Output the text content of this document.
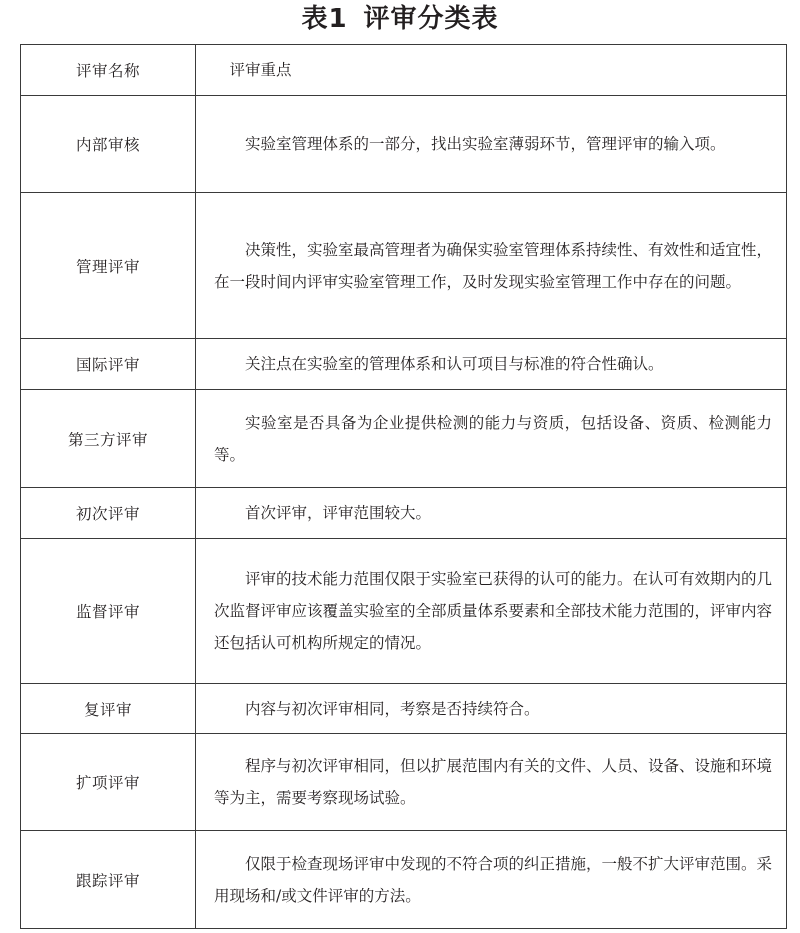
表1 评审分类表
评审名称	评审重点

内部审核	实验室管理体系的一部分，找出实验室薄弱环节，管理评审的输入项。

管理评审	决策性，实验室最高管理者为确保实验室管理体系持续性、有效性和适宜性，在一段时间内评审实验室管理工作，及时发现实验室管理工作中存在的问题。

国际评审	关注点在实验室的管理体系和认可项目与标准的符合性确认。

第三方评审	实验室是否具备为企业提供检测的能力与资质，包括设备、资质、检测能力等。

初次评审	首次评审，评审范围较大。

监督评审	评审的技术能力范围仅限于实验室已获得的认可的能力。在认可有效期内的几次监督评审应该覆盖实验室的全部质量体系要素和全部技术能力范围的，评审内容还包括认可机构所规定的情况。

复评审	内容与初次评审相同，考察是否持续符合。

扩项评审	程序与初次评审相同，但以扩展范围内有关的文件、人员、设备、设施和环境等为主，需要考察现场试验。

跟踪评审	仅限于检查现场评审中发现的不符合项的纠正措施，一般不扩大评审范围。采用现场和/或文件评审的方法。
